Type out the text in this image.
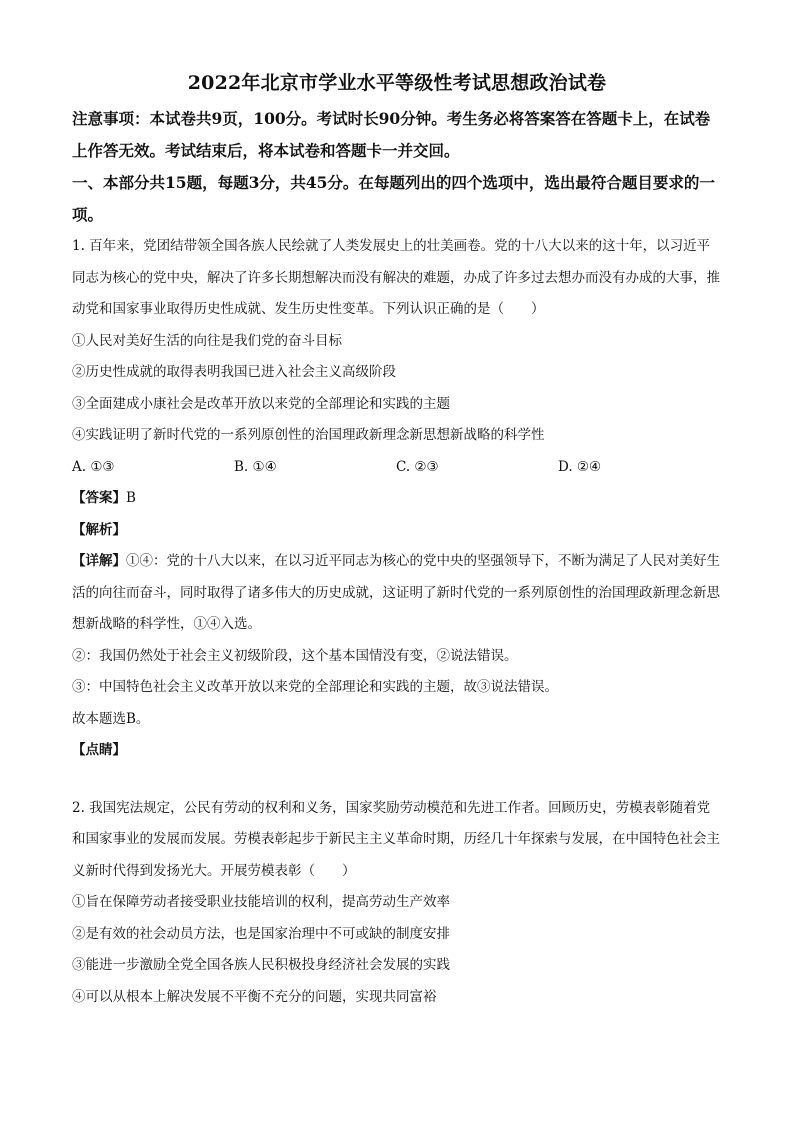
2022年北京市学业水平等级性考试思想政治试卷
注意事项：本试卷共9页，100分。考试时长90分钟。考生务必将答案答在答题卡上，在试卷上作答无效。考试结束后，将本试卷和答题卡一并交回。
一、本部分共15题，每题3分，共45分。在每题列出的四个选项中，选出最符合题目要求的一项。
1. 百年来，党团结带领全国各族人民绘就了人类发展史上的壮美画卷。党的十八大以来的这十年，以习近平同志为核心的党中央，解决了许多长期想解决而没有解决的难题，办成了许多过去想办而没有办成的大事，推动党和国家事业取得历史性成就、发生历史性变革。下列认识正确的是（　　）
①人民对美好生活的向往是我们党的奋斗目标
②历史性成就的取得表明我国已进入社会主义高级阶段
③全面建成小康社会是改革开放以来党的全部理论和实践的主题
④实践证明了新时代党的一系列原创性的治国理政新理念新思想新战略的科学性
A. ①③	B. ①④	C. ②③	D. ②④
【答案】B
【解析】
【详解】①④：党的十八大以来，在以习近平同志为核心的党中央的坚强领导下，不断为满足了人民对美好生活的向往而奋斗，同时取得了诸多伟大的历史成就，这证明了新时代党的一系列原创性的治国理政新理念新思想新战略的科学性，①④入选。
②：我国仍然处于社会主义初级阶段，这个基本国情没有变，②说法错误。
③：中国特色社会主义改革开放以来党的全部理论和实践的主题，故③说法错误。
故本题选B。
【点睛】
2. 我国宪法规定，公民有劳动的权利和义务，国家奖励劳动模范和先进工作者。回顾历史，劳模表彰随着党和国家事业的发展而发展。劳模表彰起步于新民主主义革命时期，历经几十年探索与发展，在中国特色社会主义新时代得到发扬光大。开展劳模表彰（　　）
①旨在保障劳动者接受职业技能培训的权利，提高劳动生产效率
②是有效的社会动员方法，也是国家治理中不可或缺的制度安排
③能进一步激励全党全国各族人民积极投身经济社会发展的实践
④可以从根本上解决发展不平衡不充分的问题，实现共同富裕
